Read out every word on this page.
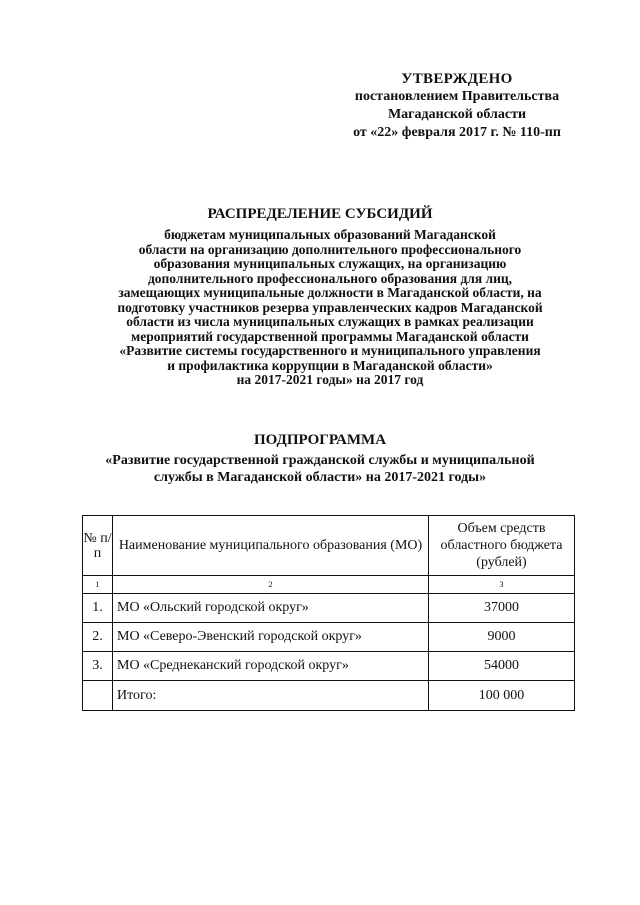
УТВЕРЖДЕНО
постановлением Правительства
Магаданской области
от «22» февраля 2017 г. № 110-пп
РАСПРЕДЕЛЕНИЕ СУБСИДИЙ
бюджетам муниципальных образований Магаданской
области на организацию дополнительного профессионального
образования муниципальных служащих, на организацию
дополнительного профессионального образования для лиц,
замещающих муниципальные должности в Магаданской области, на
подготовку участников резерва управленческих кадров Магаданской
области из числа муниципальных служащих в рамках реализации
мероприятий государственной программы Магаданской области
«Развитие системы государственного и муниципального управления
и профилактика коррупции в Магаданской области»
на 2017-2021 годы» на 2017 год
ПОДПРОГРАММА
«Развитие государственной гражданской службы и муниципальной
службы в Магаданской области» на 2017-2021 годы»
№ п/п	Наименование муниципального образования (МО)	Объем средств областного бюджета (рублей)
1	2	3
1.	МО «Ольский городской округ»	37000
2.	МО «Северо-Эвенский городской округ»	9000
3.	МО «Среднеканский городской округ»	54000
	Итого:	100 000
